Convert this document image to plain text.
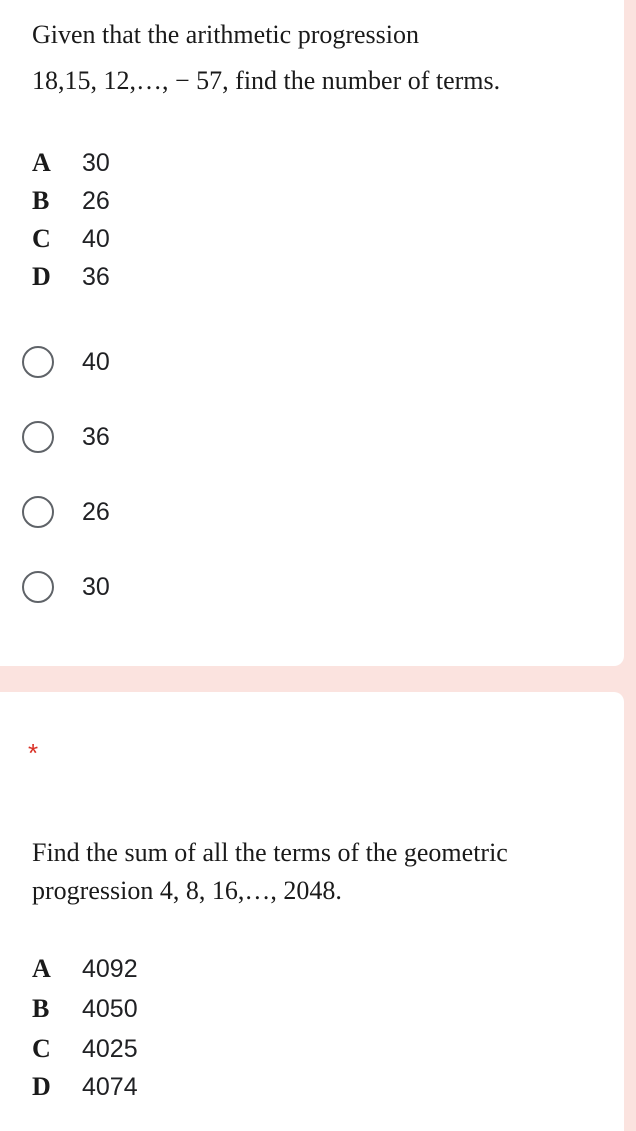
Given that the arithmetic progression
18,15, 12,…, − 57, find the number of terms.
A	30
B	26
C	40
D	36
40
36
26
30
*
Find the sum of all the terms of the geometric
progression 4, 8, 16,…, 2048.
A	4092
B	4050
C	4025
D	4074
